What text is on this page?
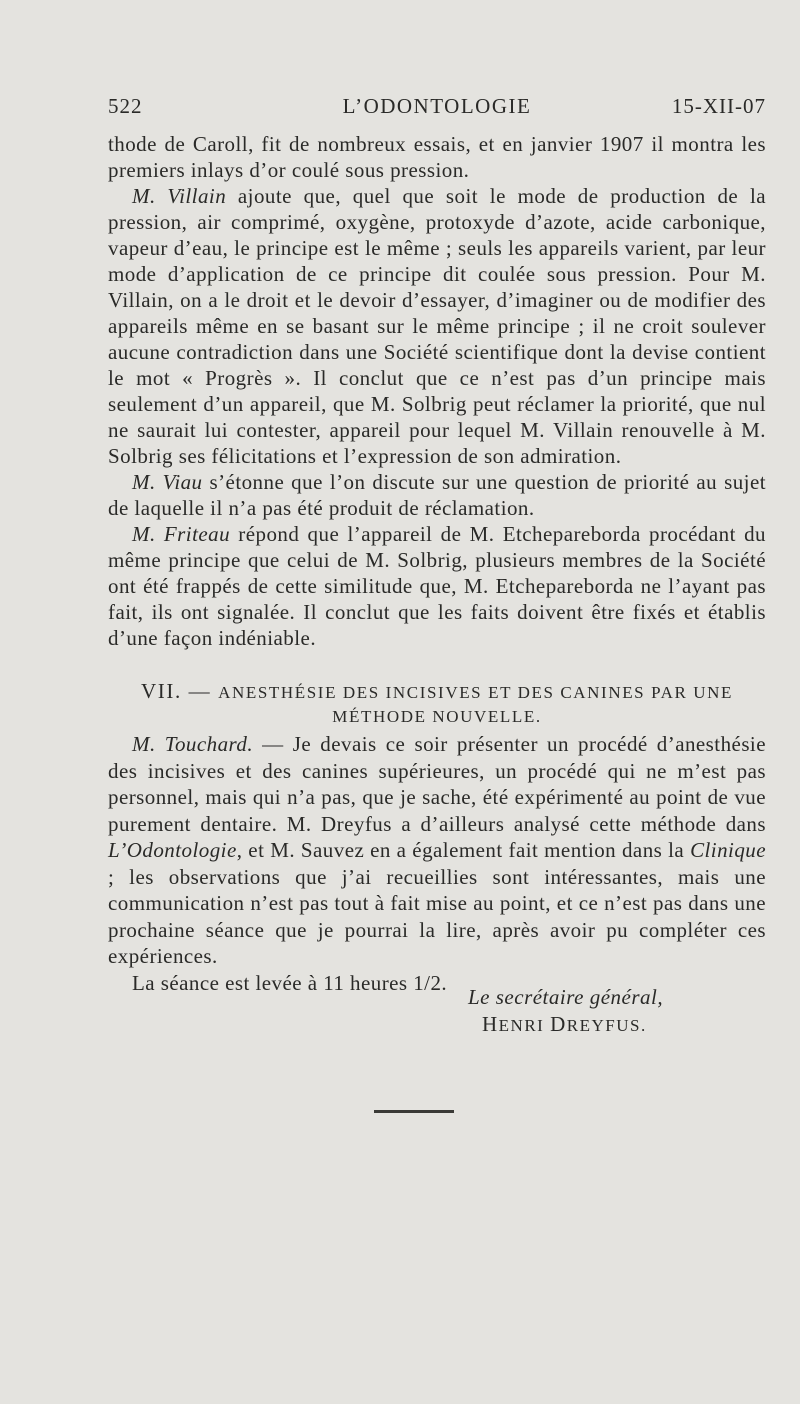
522	L’ODONTOLOGIE	15-XII-07

thode de Caroll, fit de nombreux essais, et en janvier 1907 il montra les premiers inlays d’or coulé sous pression.

M. Villain ajoute que, quel que soit le mode de production de la pression, air comprimé, oxygène, protoxyde d’azote, acide carbonique, vapeur d’eau, le principe est le même ; seuls les appareils varient, par leur mode d’application de ce principe dit coulée sous pression. Pour M. Villain, on a le droit et le devoir d’essayer, d’imaginer ou de modifier des appareils même en se basant sur le même principe ; il ne croit soulever aucune contradiction dans une Société scientifique dont la devise contient le mot « Progrès ». Il conclut que ce n’est pas d’un principe mais seulement d’un appareil, que M. Solbrig peut réclamer la priorité, que nul ne saurait lui contester, appareil pour lequel M. Villain renouvelle à M. Solbrig ses félicitations et l’expression de son admiration.

M. Viau s’étonne que l’on discute sur une question de priorité au sujet de laquelle il n’a pas été produit de réclamation.

M. Friteau répond que l’appareil de M. Etchepareborda procédant du même principe que celui de M. Solbrig, plusieurs membres de la Société ont été frappés de cette similitude que, M. Etchepareborda ne l’ayant pas fait, ils ont signalée. Il conclut que les faits doivent être fixés et établis d’une façon indéniable.

VII. — ANESTHÉSIE DES INCISIVES ET DES CANINES PAR UNE
MÉTHODE NOUVELLE.

M. Touchard. — Je devais ce soir présenter un procédé d’anesthésie des incisives et des canines supérieures, un procédé qui ne m’est pas personnel, mais qui n’a pas, que je sache, été expérimenté au point de vue purement dentaire. M. Dreyfus a d’ailleurs analysé cette méthode dans L’Odontologie, et M. Sauvez en a également fait mention dans la Clinique ; les observations que j’ai recueillies sont intéressantes, mais une communication n’est pas tout à fait mise au point, et ce n’est pas dans une prochaine séance que je pourrai la lire, après avoir pu compléter ces expériences.

La séance est levée à 11 heures 1/2.

Le secrétaire général,
HENRI DREYFUS.
